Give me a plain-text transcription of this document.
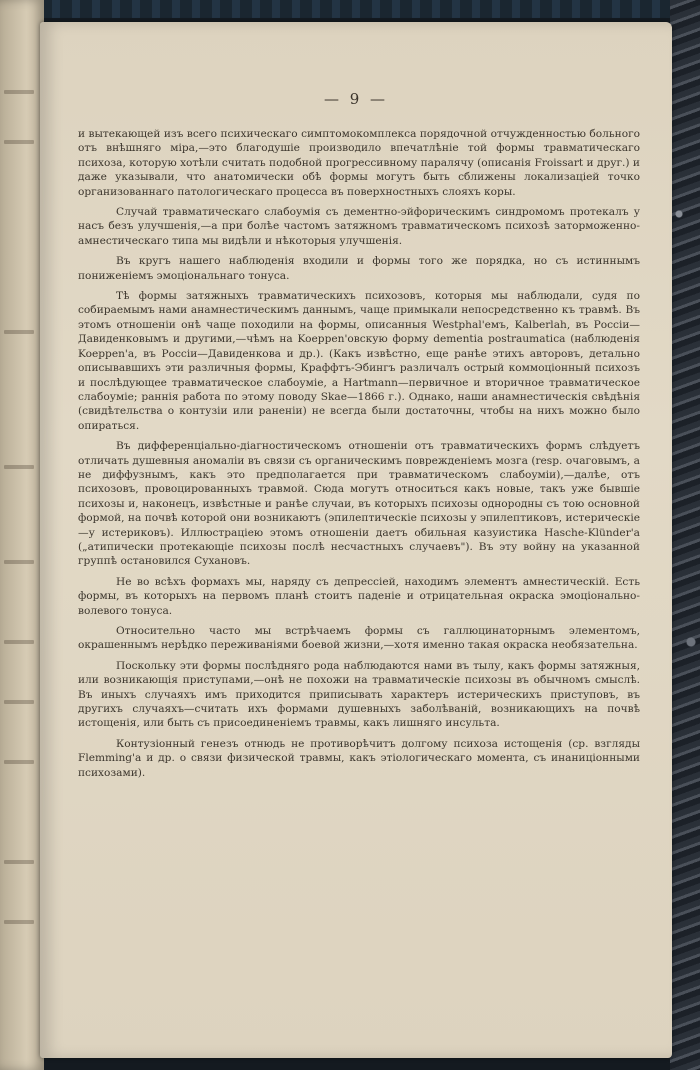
— 9 —

и вытекающей изъ всего психическаго симптомокомплекса порядочной отчужденностью больного отъ внѣшняго міра,—это благодушіе производило впечатлѣніе той формы травматическаго психоза, которую хотѣли считать подобной прогрессивному паралячу (описанія Froissart и друг.) и даже указывали, что анатомически обѣ формы могутъ быть сближены локализаціей точко организованнаго патологическаго процесса въ поверхностныхъ слояхъ коры.

Случай травматическаго слабоумія съ дементно-эйфорическимъ синдромомъ протекалъ у насъ безъ улучшенія,—а при болѣе частомъ затяжномъ травматическомъ психозѣ заторможенно-амнестическаго типа мы видѣли и нѣкоторыя улучшенія.

Въ кругъ нашего наблюденія входили и формы того же порядка, но съ истиннымъ пониженіемъ эмоціональнаго тонуса.

Тѣ формы затяжныхъ травматическихъ психозовъ, которыя мы наблюдали, судя по собираемымъ нами анамнестическимъ даннымъ, чаще примыкали непосредственно къ травмѣ. Въ этомъ отношеніи онѣ чаще походили на формы, описанныя Westphal'емъ, Kalberlah, въ Россіи—Давиденковымъ и другими,—чѣмъ на Koeppen'овскую форму dementia postraumatica (наблюденія Koeppen'а, въ Россіи—Давиденкова и др.). (Какъ извѣстно, еще ранѣе этихъ авторовъ, детально описывавшихъ эти различныя формы, Краффтъ-Эбингъ различалъ острый коммоціонный психозъ и послѣдующее травматическое слабоуміе, а Hartmann—первичное и вторичное травматическое слабоуміе; раннія работа по этому поводу Skae—1866 г.). Однако, наши анамнестическія свѣдѣнія (свидѣтельства о контузіи или раненіи) не всегда были достаточны, чтобы на нихъ можно было опираться.

Въ дифференціально-діагностическомъ отношеніи отъ травматическихъ формъ слѣдуетъ отличать душевныя аномаліи въ связи съ органическимъ поврежденіемъ мозга (resp. очаговымъ, а не диффузнымъ, какъ это предполагается при травматическомъ слабоуміи),—далѣе, отъ психозовъ, провоцированныхъ травмой. Сюда могутъ относиться какъ новые, такъ уже бывшіе психозы и, наконецъ, извѣстные и ранѣе случаи, въ которыхъ психозы однородны съ тою основной формой, на почвѣ которой они возникаютъ (эпилептическіе психозы у эпилептиковъ, истерическіе—у истериковъ). Иллюстраціею этомъ отношеніи даетъ обильная казуистика Hasche-Klünder'а („атипически протекающіе психозы послѣ несчастныхъ случаевъ"). Въ эту войну на указанной группѣ остановился Сухановъ.

Не во всѣхъ формахъ мы, наряду съ депрессіей, находимъ элементъ амнестическій. Есть формы, въ которыхъ на первомъ планѣ стоитъ паденіе и отрицательная окраска эмоціонально-волевого тонуса.

Относительно часто мы встрѣчаемъ формы съ галлюцинаторнымъ элементомъ, окрашеннымъ нерѣдко переживаніями боевой жизни,—хотя именно такая окраска необязательна.

Поскольку эти формы послѣдняго рода наблюдаются нами въ тылу, какъ формы затяжныя, или возникающія приступами,—онѣ не похожи на травматическіе психозы въ обычномъ смыслѣ. Въ иныхъ случаяхъ имъ приходится приписывать характеръ истерическихъ приступовъ, въ другихъ случаяхъ—считать ихъ формами душевныхъ заболѣваній, возникающихъ на почвѣ истощенія, или быть съ присоединеніемъ травмы, какъ лишняго инсульта.

Контузіонный генезъ отнюдь не противорѣчитъ долгому психоза истощенія (ср. взгляды Flemming'а и др. о связи физической травмы, какъ этіологическаго момента, съ инаниціонными психозами).
